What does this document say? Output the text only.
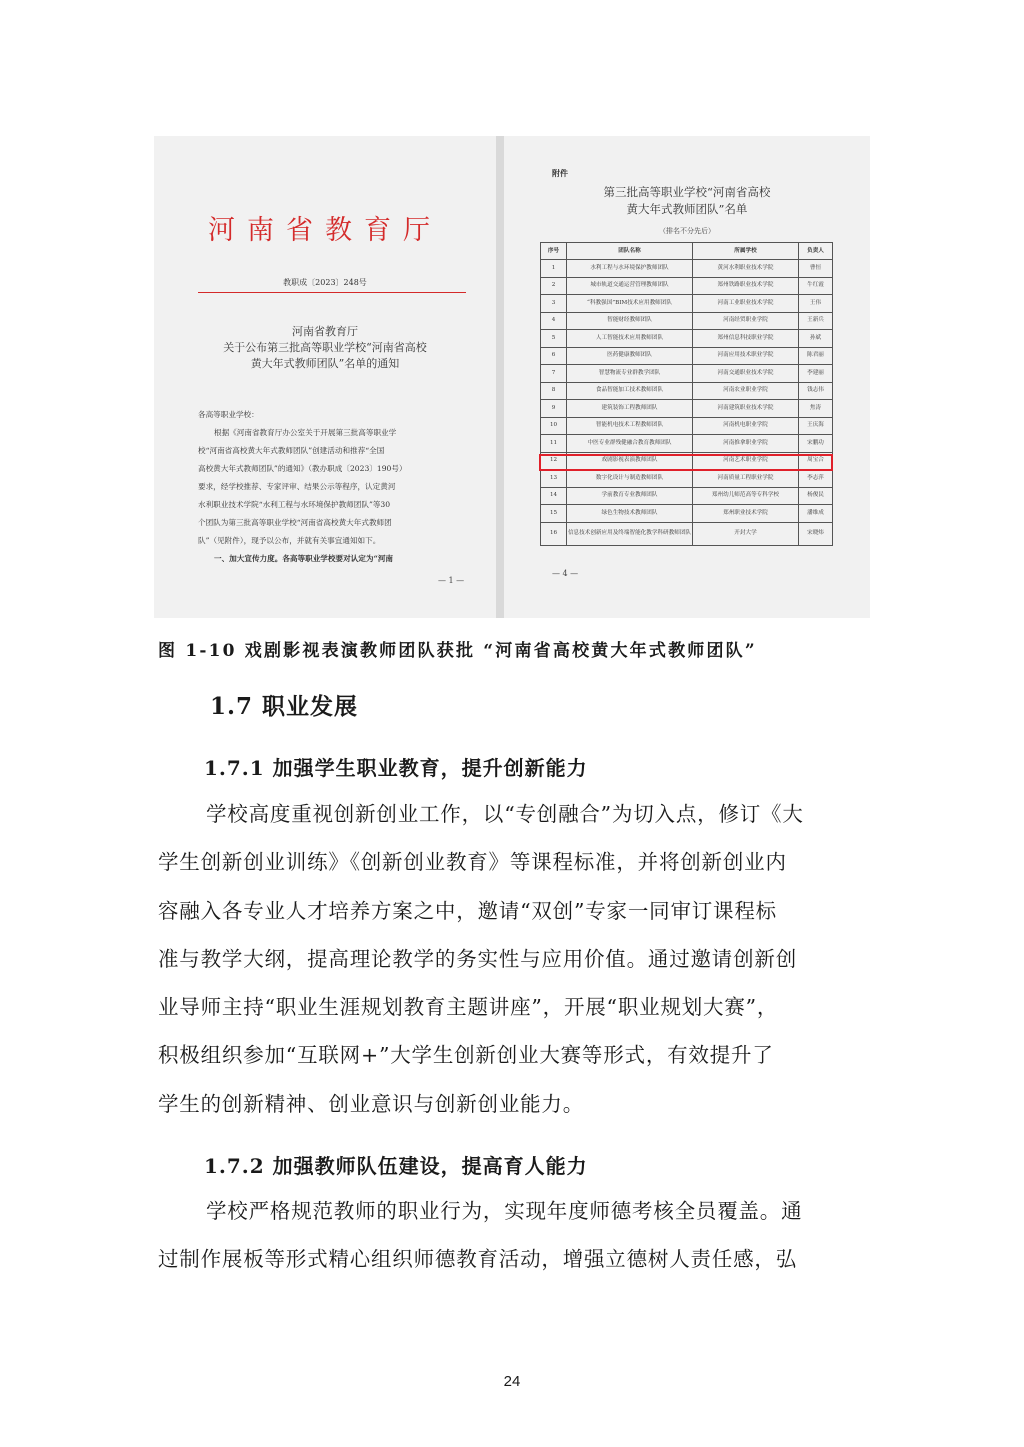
河南省教育厅
教职成〔2023〕248号
河南省教育厅
关于公布第三批高等职业学校“河南省高校
黄大年式教师团队”名单的通知

各高等职业学校：

根据《河南省教育厅办公室关于开展第三批高等职业学

校“河南省高校黄大年式教师团队”创建活动和推荐“全国

高校黄大年式教师团队”的通知》（教办职成〔2023〕190号）

要求，经学校推荐、专家评审、结果公示等程序，认定黄河

水利职业技术学院“水利工程与水环境保护教师团队”等30

个团队为第三批高等职业学校“河南省高校黄大年式教师团

队”（见附件），现予以公布，并就有关事宜通知如下。

一、加大宣传力度。各高等职业学校要对认定为“河南

— 1 —
附件
第三批高等职业学校“河南省高校
黄大年式教师团队”名单
（排名不分先后）
序号	团队名称	所属学校	负责人
1	水利工程与水环境保护教师团队	黄河水利职业技术学院	曹恒
2	城市轨道交通运营管理教师团队	郑州铁路职业技术学院	牛红霞
3	“科教强国”BIM技术应用教师团队	河南工业职业技术学院	王伟
4	智能财经教师团队	河南经贸职业学院	王新兵
5	人工智能技术应用教师团队	郑州信息科技职业学院	孙斌
6	医药健康教师团队	河南应用技术职业学院	陈君丽
7	智慧物流专业群教学团队	河南交通职业技术学院	李建丽
8	食品智能加工技术教师团队	河南农业职业学院	钱志伟
9	建筑装饰工程教师团队	河南建筑职业技术学院	焦涛
10	智能机电技术工程教师团队	河南机电职业学院	王庆海
11	中医专业群残健融合教育教师团队	河南推拿职业学院	宋鹏功
12	戏剧影视表演教师团队	河南艺术职业学院	周宝合
13	数字化设计与制造教师团队	河南质量工程职业学院	李志萍
14	学前教育专业教师团队	郑州幼儿师范高等专科学校	杨俊民
15	绿色生物技术教师团队	郑州职业技术学院	潘维成
16	信息技术创新应用及终端智能化教学科研教师团队	开封大学	宋晓炜
— 4 —
图 1-10 戏剧影视表演教师团队获批 “河南省高校黄大年式教师团队”
1.7 职业发展
1.7.1 加强学生职业教育，提升创新能力
学校高度重视创新创业工作，以“专创融合”为切入点，修订《大
学生创新创业训练》《创新创业教育》等课程标准，并将创新创业内
容融入各专业人才培养方案之中，邀请“双创”专家一同审订课程标
准与教学大纲，提高理论教学的务实性与应用价值。通过邀请创新创
业导师主持“职业生涯规划教育主题讲座”，开展“职业规划大赛”，
积极组织参加“互联网+”大学生创新创业大赛等形式，有效提升了
学生的创新精神、创业意识与创新创业能力。
1.7.2 加强教师队伍建设，提高育人能力
学校严格规范教师的职业行为，实现年度师德考核全员覆盖。通
过制作展板等形式精心组织师德教育活动，增强立德树人责任感，弘
24
